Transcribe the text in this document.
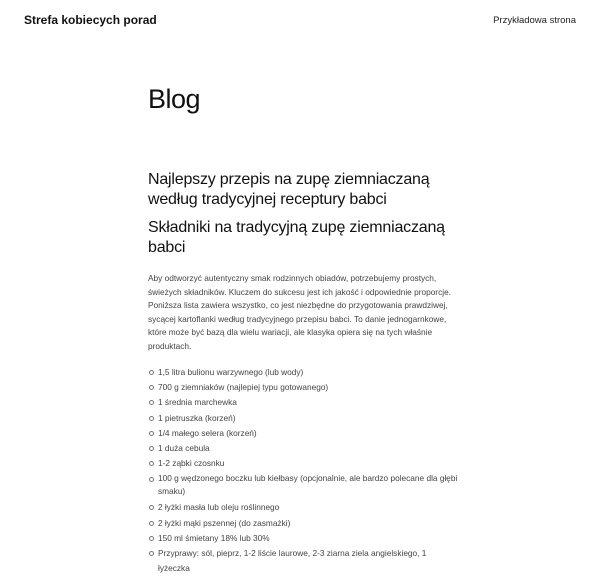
Strefa kobiecych porad	Przykładowa strona
Blog
Najlepszy przepis na zupę ziemniaczaną według tradycyjnej receptury babci
Składniki na tradycyjną zupę ziemniaczaną babci

Aby odtworzyć autentyczny smak rodzinnych obiadów, potrzebujemy prostych, świeżych składników. Kluczem do sukcesu jest ich jakość i odpowiednie proporcje. Poniższa lista zawiera wszystko, co jest niezbędne do przygotowania prawdziwej, sycącej kartoflanki według tradycyjnego przepisu babci. To danie jednogarnkowe, które może być bazą dla wielu wariacji, ale klasyka opiera się na tych właśnie produktach.

1,5 litra bulionu warzywnego (lub wody)
700 g ziemniaków (najlepiej typu gotowanego)
1 średnia marchewka
1 pietruszka (korzeń)
1/4 małego selera (korzeń)
1 duża cebula
1-2 ząbki czosnku
100 g wędzonego boczku lub kiełbasy (opcjonalnie, ale bardzo polecane dla głębi smaku)
2 łyżki masła lub oleju roślinnego
2 łyżki mąki pszennej (do zasmażki)
150 ml śmietany 18% lub 30%
Przyprawy: sól, pieprz, 1-2 liście laurowe, 2-3 ziarna ziela angielskiego, 1 łyżeczka
